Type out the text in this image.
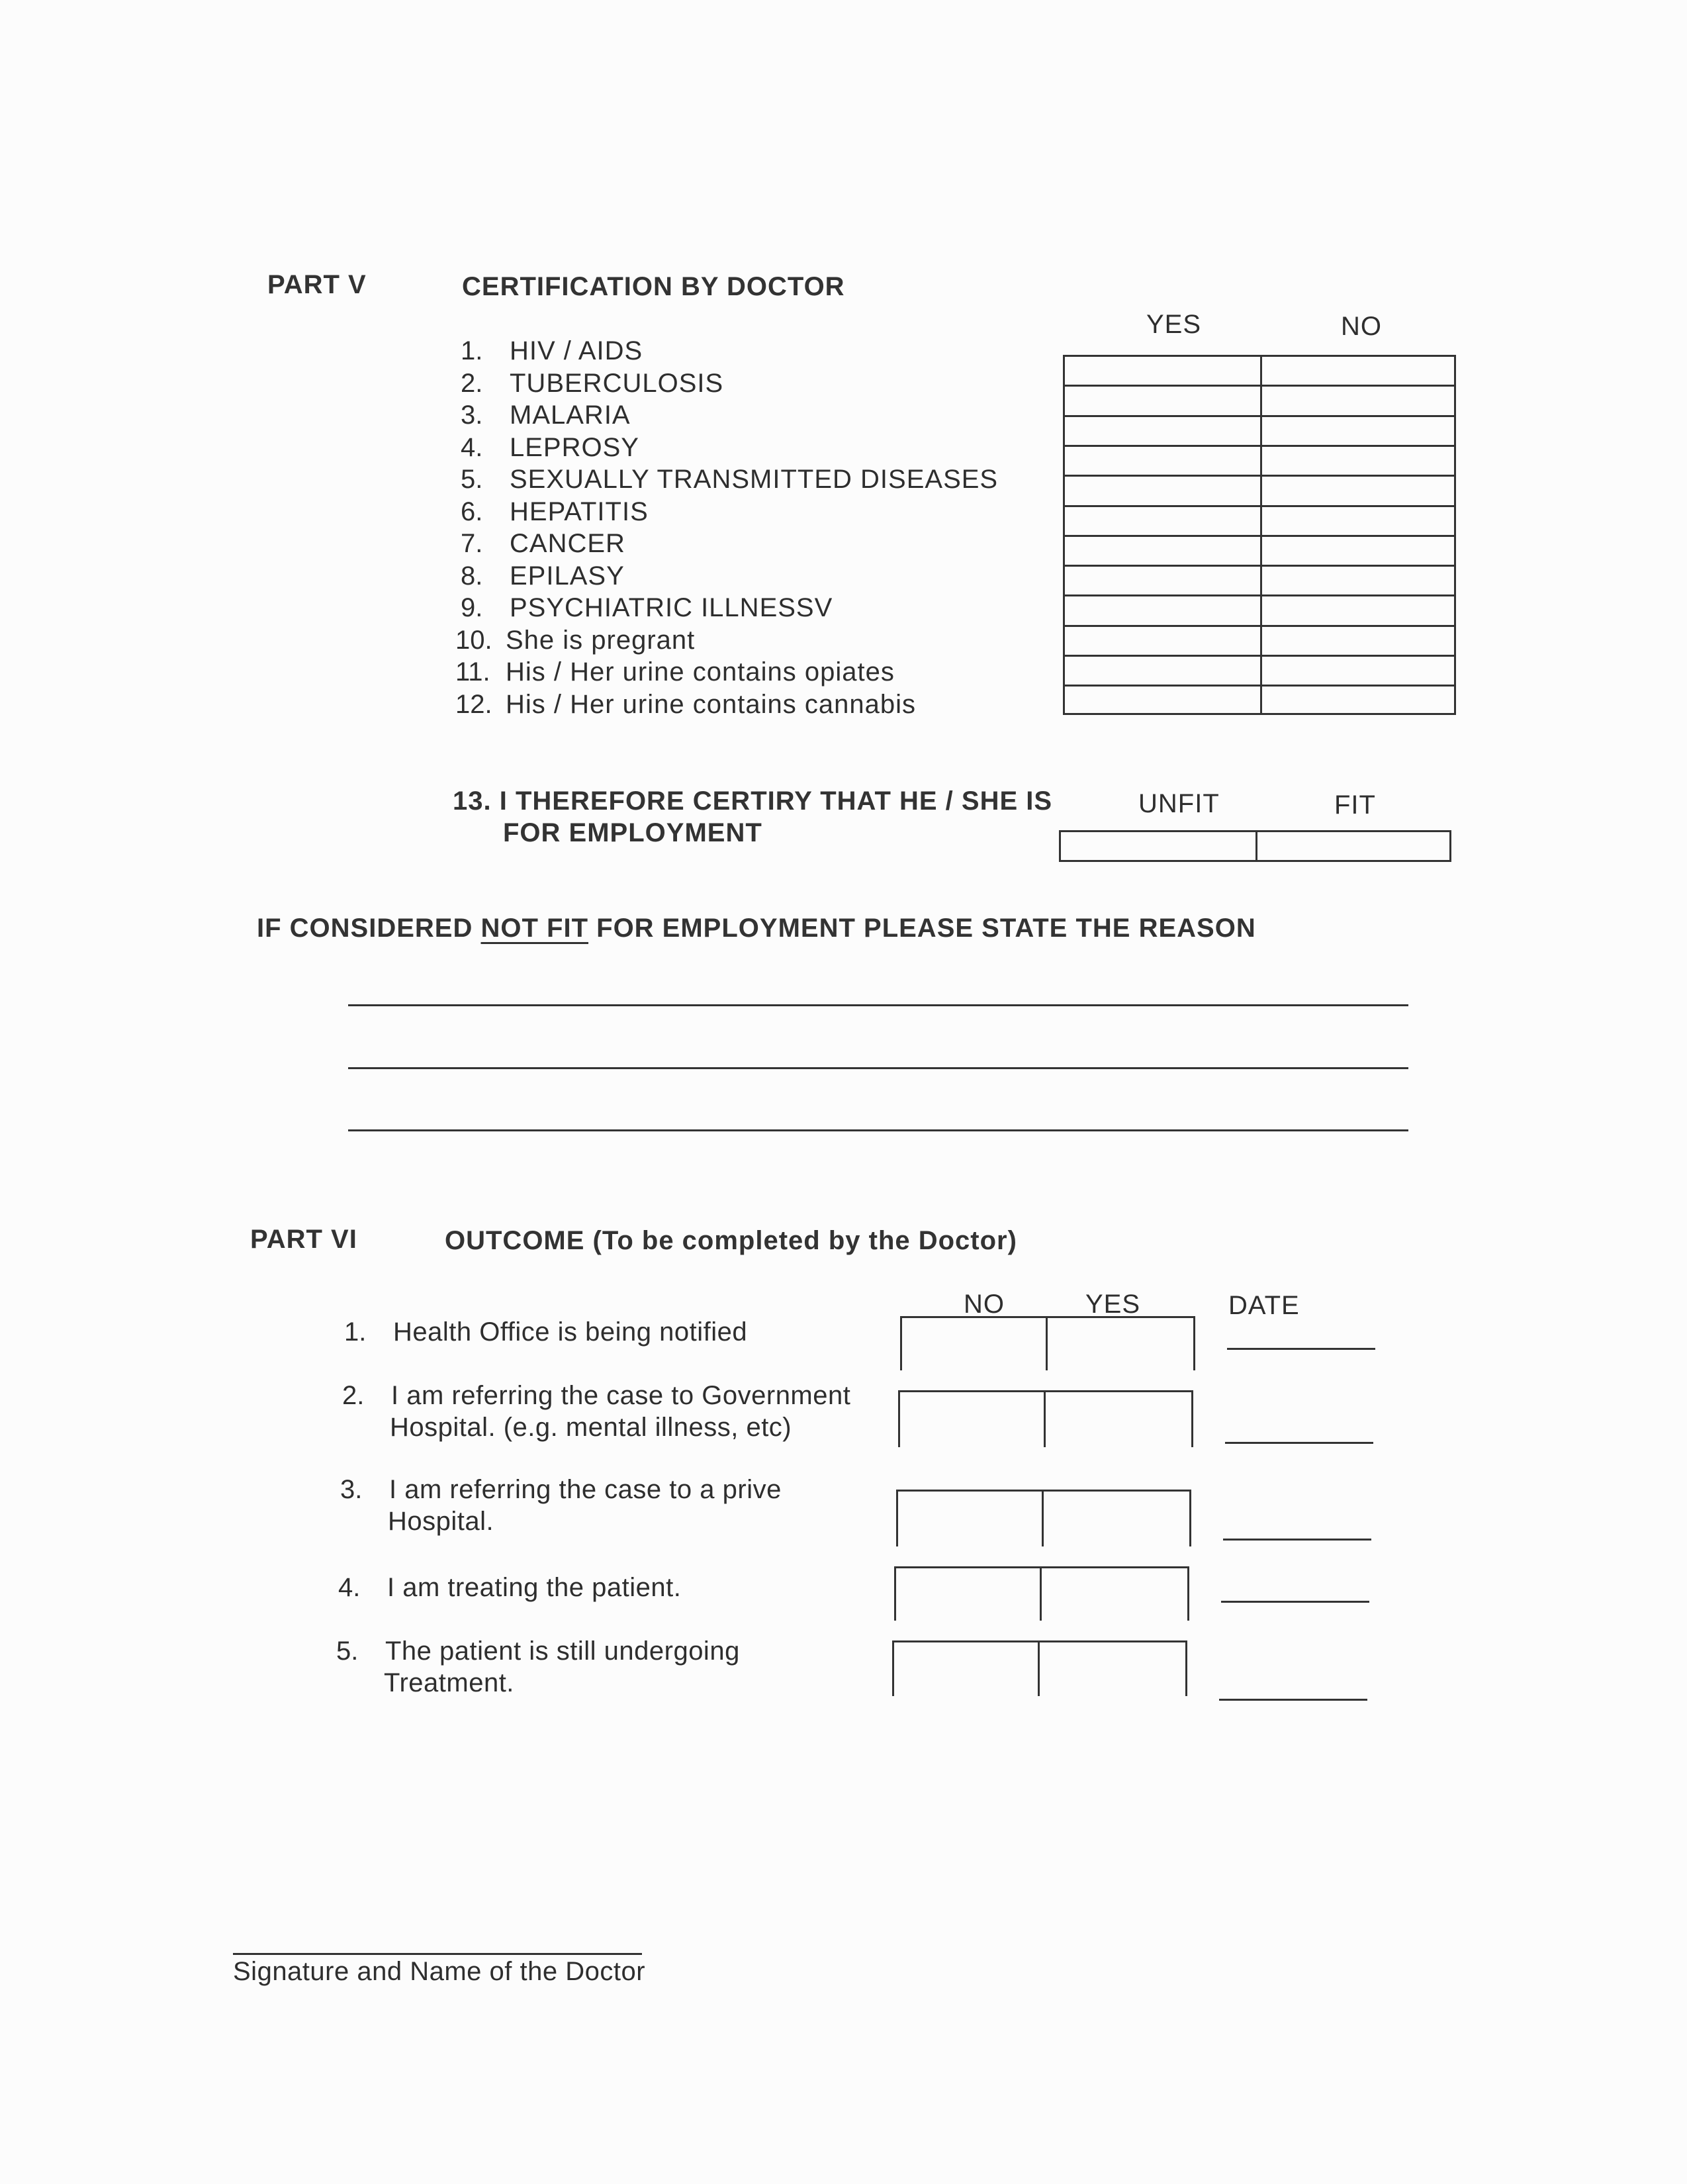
PART V	CERTIFICATION BY DOCTOR
YES	NO
1. HIV / AIDS
2. TUBERCULOSIS
3. MALARIA
4. LEPROSY
5. SEXUALLY TRANSMITTED DISEASES
6. HEPATITIS
7. CANCER
8. EPILASY
9. PSYCHIATRIC ILLNESSV
10. She is pregrant
11. His / Her urine contains opiates
12. His / Her urine contains cannabis
13. I THEREFORE CERTIRY THAT HE / SHE IS
FOR EMPLOYMENT
UNFIT	FIT
IF CONSIDERED NOT FIT FOR EMPLOYMENT PLEASE STATE THE REASON
PART VI	OUTCOME (To be completed by the Doctor)
NO	YES	DATE
1. Health Office is being notified
2. I am referring the case to Government
Hospital. (e.g. mental illness, etc)
3. I am referring the case to a prive
Hospital.
4. I am treating the patient.
5. The patient is still undergoing
Treatment.
Signature and Name of the Doctor
